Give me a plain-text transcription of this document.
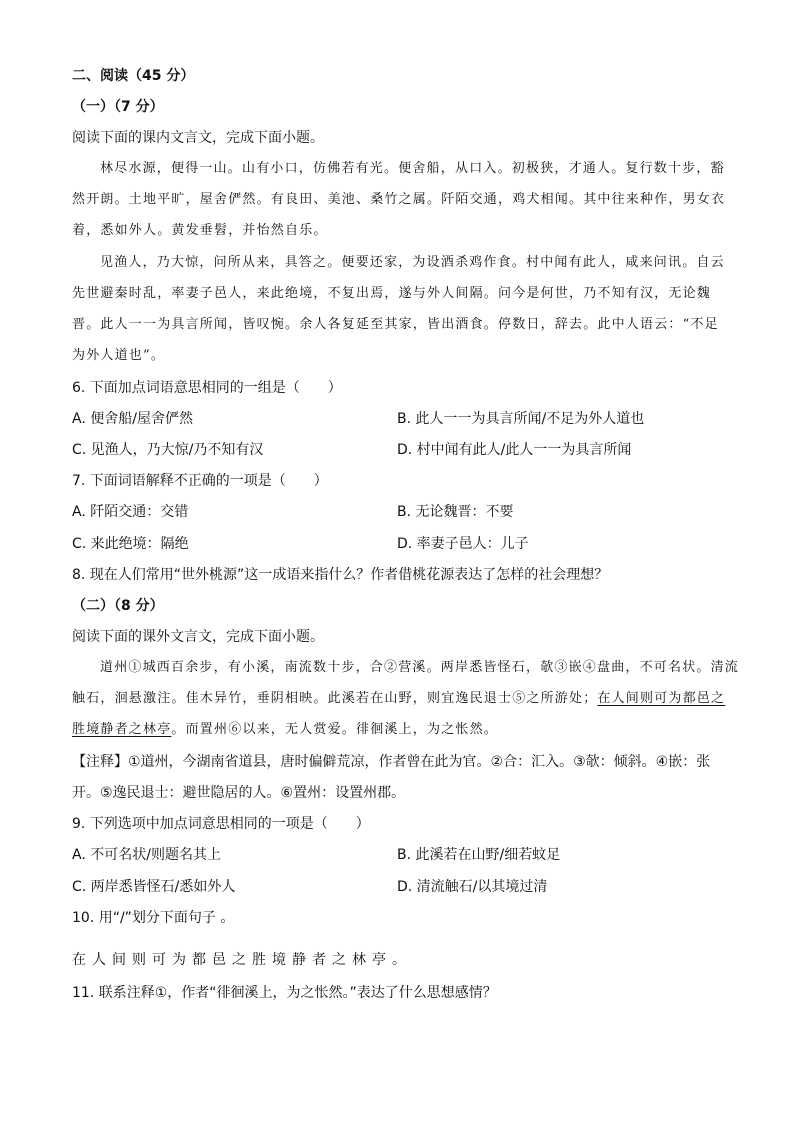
二、阅读（45 分）
（一）（7 分）
阅读下面的课内文言文，完成下面小题。
林尽水源，便得一山。山有小口，仿佛若有光。便舍船，从口入。初极狭，才通人。复行数十步，豁
然开朗。土地平旷，屋舍俨然。有良田、美池、桑竹之属。阡陌交通，鸡犬相闻。其中往来种作，男女衣
着，悉如外人。黄发垂髫，并怡然自乐。
见渔人，乃大惊，问所从来，具答之。便要还家，为设酒杀鸡作食。村中闻有此人，咸来问讯。自云
先世避秦时乱，率妻子邑人，来此绝境，不复出焉，遂与外人间隔。问今是何世，乃不知有汉，无论魏
晋。此人一一为具言所闻，皆叹惋。余人各复延至其家，皆出酒食。停数日，辞去。此中人语云：“不足
为外人道也”。
6. 下面加点词语意思相同的一组是（　　）
A. 便舍船/屋舍俨然	B. 此人一一为具言所闻/不足为外人道也
C. 见渔人，乃大惊/乃不知有汉	D. 村中闻有此人/此人一一为具言所闻
7. 下面词语解释不正确的一项是（　　）
A. 阡陌交通：交错	B. 无论魏晋：不要
C. 来此绝境：隔绝	D. 率妻子邑人：儿子
8. 现在人们常用“世外桃源”这一成语来指什么？作者借桃花源表达了怎样的社会理想？
（二）（8 分）
阅读下面的课外文言文，完成下面小题。
道州①城西百余步，有小溪，南流数十步，合②营溪。两岸悉皆怪石，欹③嵌④盘曲，不可名状。清流
触石，洄悬激注。佳木异竹，垂阴相映。此溪若在山野，则宜逸民退士⑤之所游处；在人间则可为都邑之
胜境静者之林亭。而置州⑥以来，无人赏爱。徘徊溪上，为之怅然。
【注释】①道州，今湖南省道县，唐时偏僻荒凉，作者曾在此为官。②合：汇入。③欹：倾斜。④嵌：张
开。⑤逸民退士：避世隐居的人。⑥置州：设置州郡。
9. 下列选项中加点词意思相同的一项是（　　）
A. 不可名状/则题名其上	B. 此溪若在山野/细若蚊足
C. 两岸悉皆怪石/悉如外人	D. 清流触石/以其境过清
10. 用“/”划分下面句子 。
在人间则可为都邑之胜境静者之林亭。
11. 联系注释①，作者“徘徊溪上，为之怅然。”表达了什么思想感情？
